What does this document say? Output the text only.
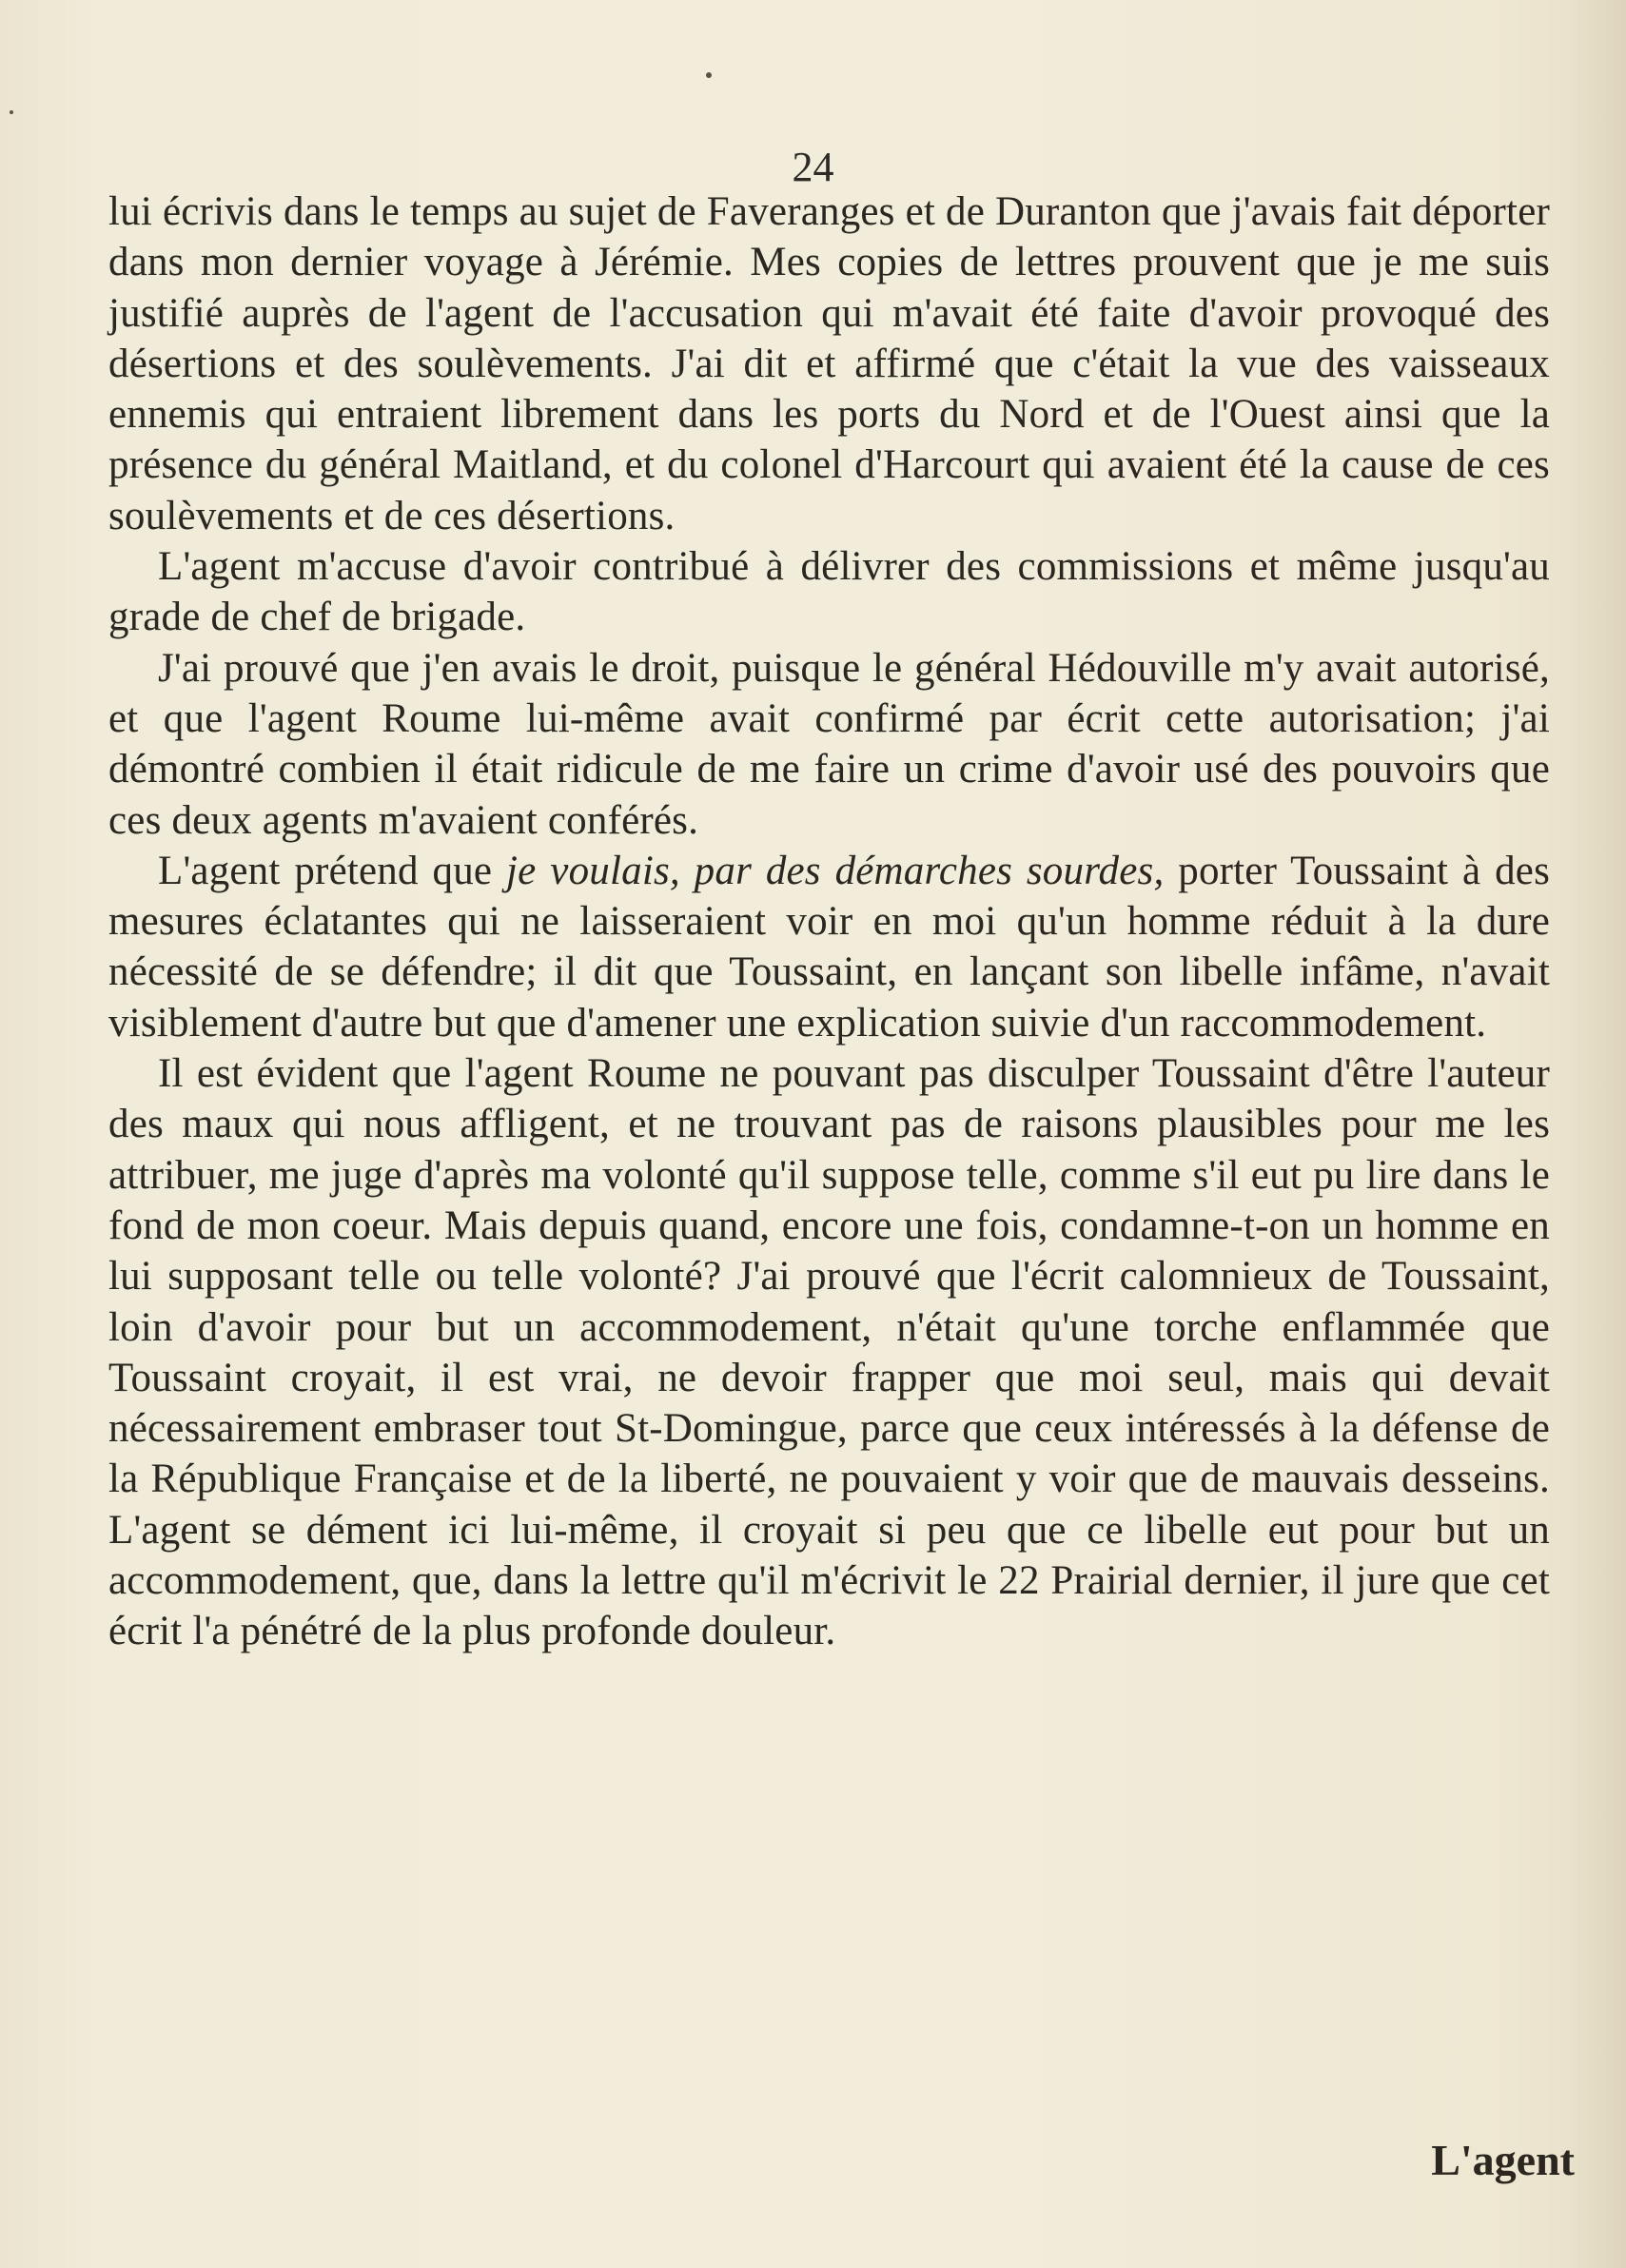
24

lui écrivis dans le temps au sujet de Faveranges et de Duranton que j'avais fait déporter dans mon dernier voyage à Jérémie. Mes copies de lettres prouvent que je me suis justifié auprès de l'agent de l'accusation qui m'avait été faite d'avoir provoqué des désertions et des soulèvements. J'ai dit et affirmé que c'était la vue des vaisseaux ennemis qui entraient librement dans les ports du Nord et de l'Ouest ainsi que la présence du général Maitland, et du colonel d'Harcourt qui avaient été la cause de ces soulèvements et de ces désertions.

L'agent m'accuse d'avoir contribué à délivrer des commissions et même jusqu'au grade de chef de brigade.

J'ai prouvé que j'en avais le droit, puisque le général Hédouville m'y avait autorisé, et que l'agent Roume lui-même avait confirmé par écrit cette autorisation; j'ai démontré combien il était ridicule de me faire un crime d'avoir usé des pouvoirs que ces deux agents m'avaient conférés.

L'agent prétend que je voulais, par des démarches sourdes, porter Toussaint à des mesures éclatantes qui ne laisseraient voir en moi qu'un homme réduit à la dure nécessité de se défendre; il dit que Toussaint, en lançant son libelle infâme, n'avait visiblement d'autre but que d'amener une explication suivie d'un raccommodement.

Il est évident que l'agent Roume ne pouvant pas disculper Toussaint d'être l'auteur des maux qui nous affligent, et ne trouvant pas de raisons plausibles pour me les attribuer, me juge d'après ma volonté qu'il suppose telle, comme s'il eut pu lire dans le fond de mon coeur. Mais depuis quand, encore une fois, condamne-t-on un homme en lui supposant telle ou telle volonté? J'ai prouvé que l'écrit calomnieux de Toussaint, loin d'avoir pour but un accommodement, n'était qu'une torche enflammée que Toussaint croyait, il est vrai, ne devoir frapper que moi seul, mais qui devait nécessairement embraser tout St-Domingue, parce que ceux intéressés à la défense de la République Française et de la liberté, ne pouvaient y voir que de mauvais desseins. L'agent se dément ici lui-même, il croyait si peu que ce libelle eut pour but un accommodement, que, dans la lettre qu'il m'écrivit le 22 Prairial dernier, il jure que cet écrit l'a pénétré de la plus profonde douleur.

L'agent
